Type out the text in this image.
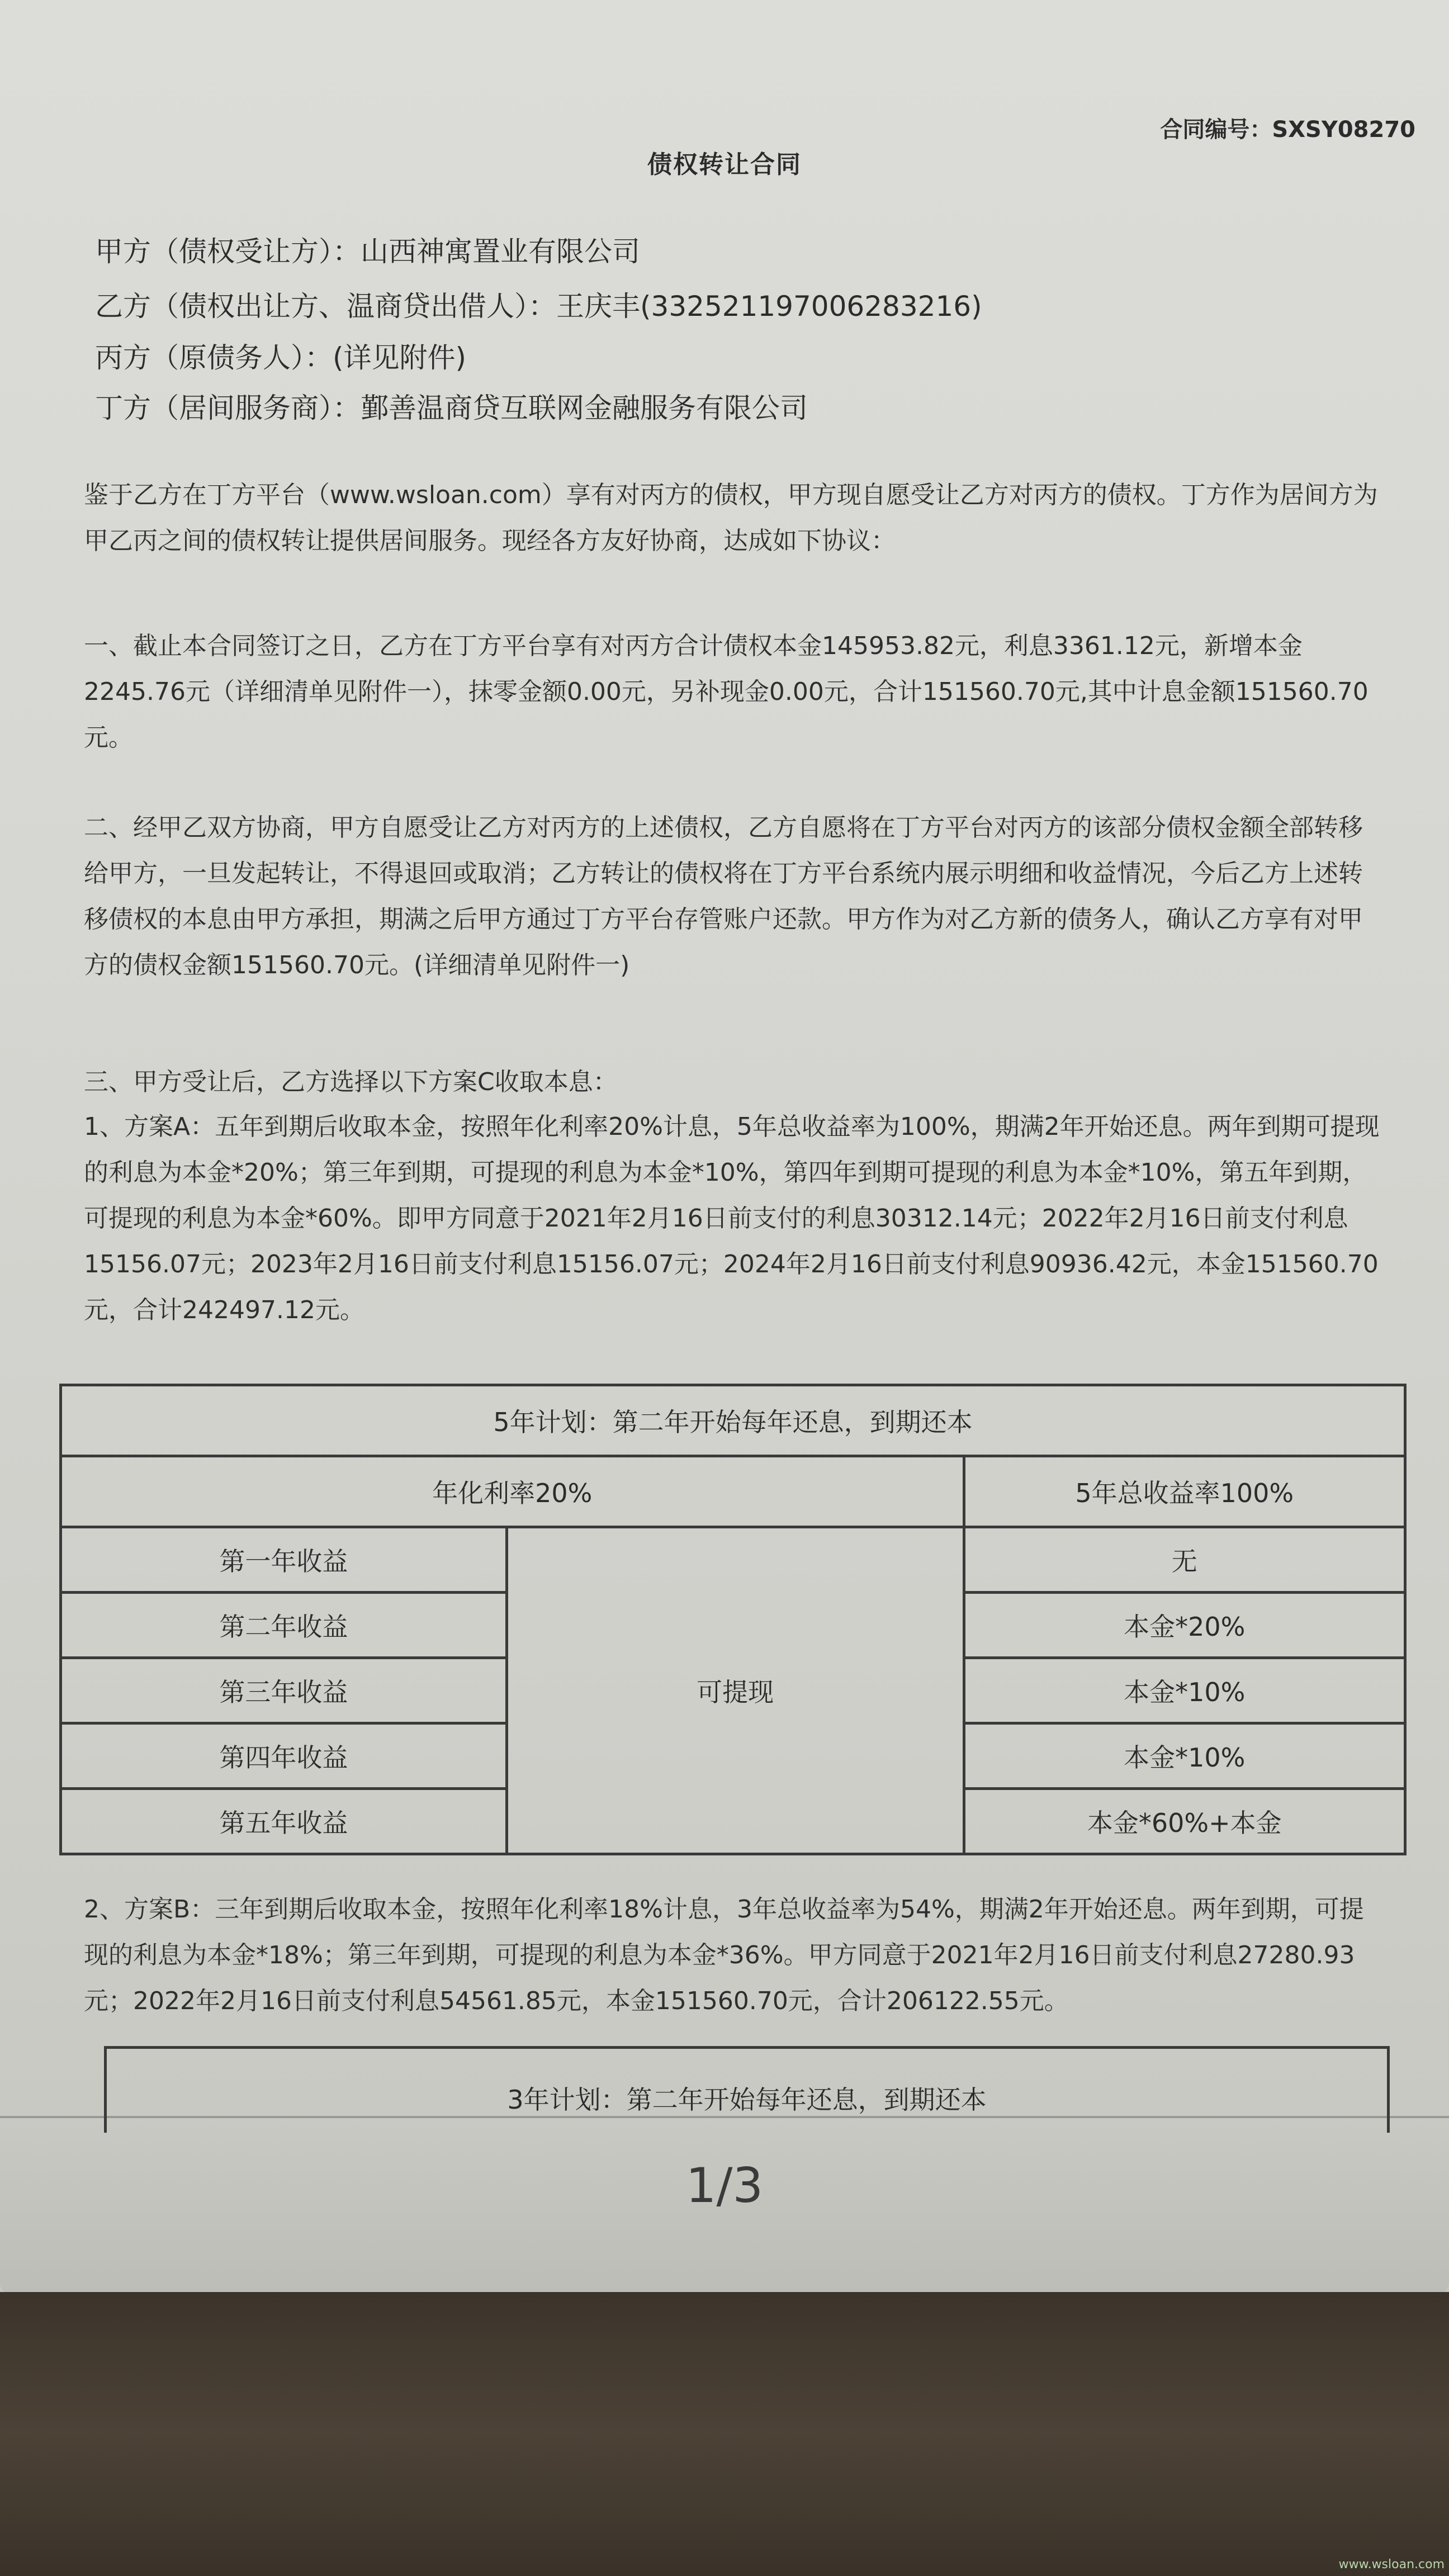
合同编号：SXSY08270
债权转让合同
甲方（债权受让方）：山西神寓置业有限公司
乙方（债权出让方、温商贷出借人）：王庆丰(332521197006283216)
丙方（原债务人）：(详见附件)
丁方（居间服务商）：鄞善温商贷互联网金融服务有限公司

鉴于乙方在丁方平台（www.wsloan.com）享有对丙方的债权，甲方现自愿受让乙方对丙方的债权。丁方作为居间方为甲乙丙之间的债权转让提供居间服务。现经各方友好协商，达成如下协议：

一、截止本合同签订之日，乙方在丁方平台享有对丙方合计债权本金145953.82元，利息3361.12元，新增本金2245.76元（详细清单见附件一），抹零金额0.00元，另补现金0.00元，合计151560.70元,其中计息金额151560.70元。

二、经甲乙双方协商，甲方自愿受让乙方对丙方的上述债权，乙方自愿将在丁方平台对丙方的该部分债权金额全部转移给甲方，一旦发起转让，不得退回或取消；乙方转让的债权将在丁方平台系统内展示明细和收益情况，今后乙方上述转移债权的本息由甲方承担，期满之后甲方通过丁方平台存管账户还款。甲方作为对乙方新的债务人，确认乙方享有对甲方的债权金额151560.70元。(详细清单见附件一)

三、甲方受让后，乙方选择以下方案C收取本息：

1、方案A：五年到期后收取本金，按照年化利率20%计息，5年总收益率为100%，期满2年开始还息。两年到期可提现的利息为本金*20%；第三年到期，可提现的利息为本金*10%，第四年到期可提现的利息为本金*10%，第五年到期，可提现的利息为本金*60%。即甲方同意于2021年2月16日前支付的利息30312.14元；2022年2月16日前支付利息15156.07元；2023年2月16日前支付利息15156.07元；2024年2月16日前支付利息90936.42元，本金151560.70元，合计242497.12元。

5年计划：第二年开始每年还息，到期还本		
年化利率20%		5年总收益率100%
第一年收益	可提现	无
第二年收益		本金*20%
第三年收益		本金*10%
第四年收益		本金*10%
第五年收益		本金*60%+本金

2、方案B：三年到期后收取本金，按照年化利率18%计息，3年总收益率为54%，期满2年开始还息。两年到期，可提现的利息为本金*18%；第三年到期，可提现的利息为本金*36%。甲方同意于2021年2月16日前支付利息27280.93元；2022年2月16日前支付利息54561.85元，本金151560.70元，合计206122.55元。

3年计划：第二年开始每年还息，到期还本
1/3
www.wsloan.com
